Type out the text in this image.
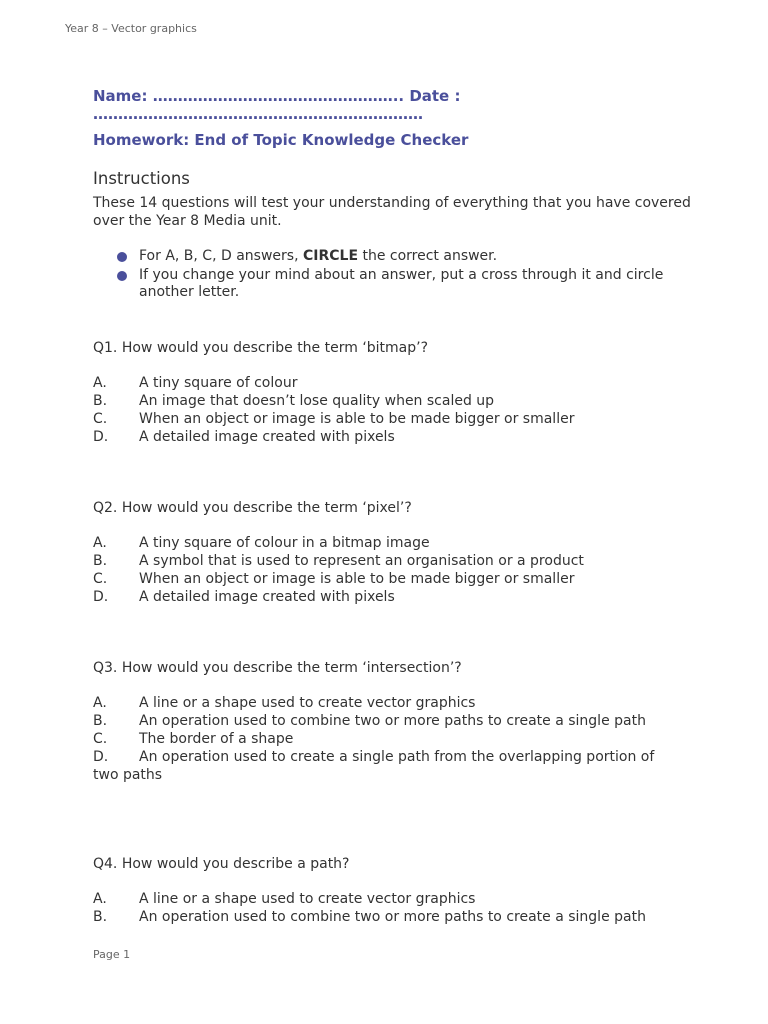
Year 8 – Vector graphics

Name: ………………………………………….. Date :

…………………………………………………………

Homework: End of Topic Knowledge Checker

Instructions

These 14 questions will test your understanding of everything that you have covered over the Year 8 Media unit.

For A, B, C, D answers, CIRCLE the correct answer.
If you change your mind about an answer, put a cross through it and circle another letter.

Q1. How would you describe the term ‘bitmap’?

A. A tiny square of colour
B. An image that doesn’t lose quality when scaled up
C. When an object or image is able to be made bigger or smaller
D. A detailed image created with pixels

Q2. How would you describe the term ‘pixel’?

A. A tiny square of colour in a bitmap image
B. A symbol that is used to represent an organisation or a product
C. When an object or image is able to be made bigger or smaller
D. A detailed image created with pixels

Q3. How would you describe the term ‘intersection’?

A. A line or a shape used to create vector graphics
B. An operation used to combine two or more paths to create a single path
C. The border of a shape
D. An operation used to create a single path from the overlapping portion of
two paths

Q4. How would you describe a path?

A. A line or a shape used to create vector graphics
B. An operation used to combine two or more paths to create a single path
Page 1
